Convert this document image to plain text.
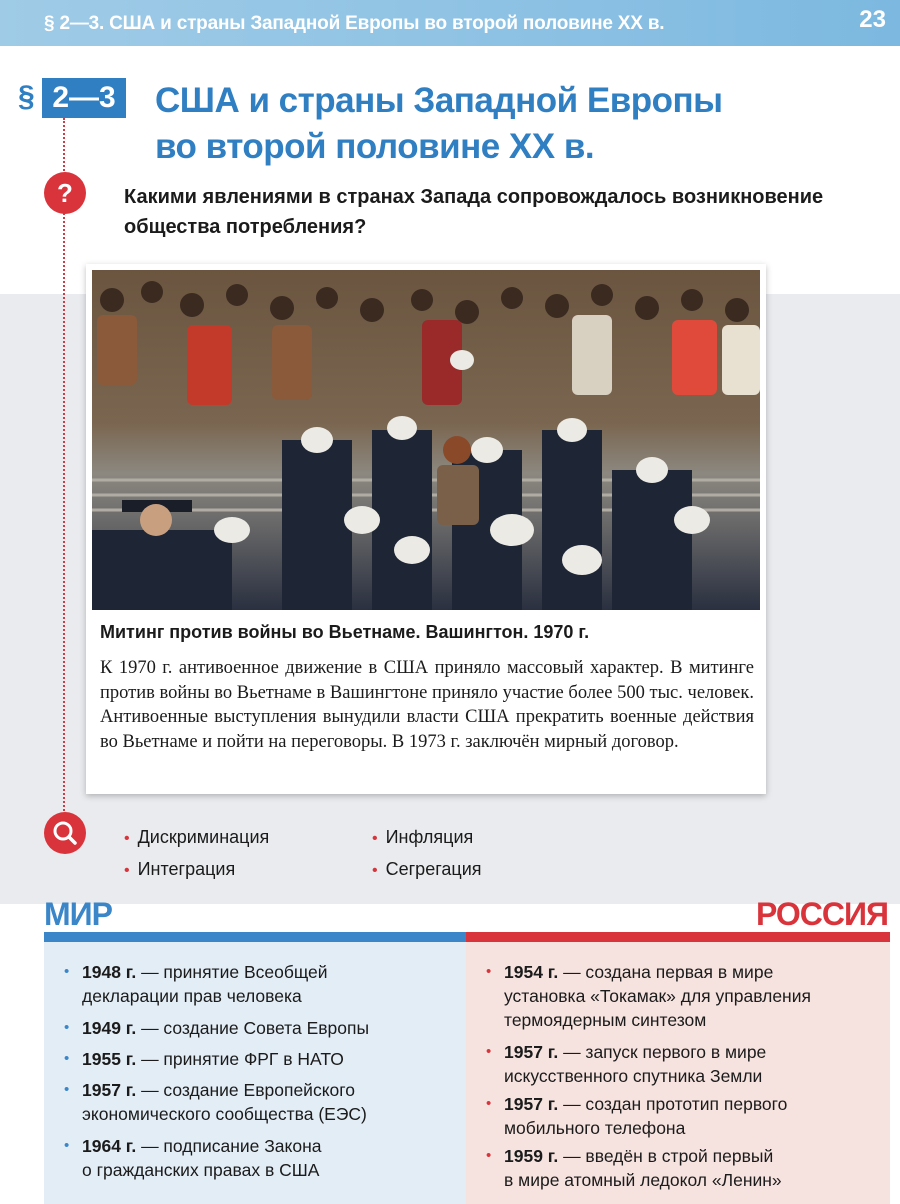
§ 2—3. США и страны Западной Европы во второй половине ХХ в.	23
§ 2—3 США и страны Западной Европы
во второй половине ХХ в.
?	Какими явлениями в странах Запада сопровождалось возникновение общества потребления?
Митинг против войны во Вьетнаме. Вашингтон. 1970 г.
К 1970 г. антивоенное движение в США приняло массовый характер. В митинге против войны во Вьетнаме в Вашингтоне приняло участие более 500 тыс. человек. Антивоенные выступления вынудили власти США прекратить военные действия во Вьетнаме и пойти на переговоры. В 1973 г. заключён мирный договор.
• Дискриминация
• Интеграция
• Инфляция
• Сегрегация
МИР	РОССИЯ
• 1948 г. — принятие Всеобщей
декларации прав человека
• 1949 г. — создание Совета Европы
• 1955 г. — принятие ФРГ в НАТО
• 1957 г. — создание Европейского
экономического сообщества (ЕЭС)
• 1964 г. — подписание Закона
о гражданских правах в США
• 1954 г. — создана первая в мире
установка «Токамак» для управления
термоядерным синтезом
• 1957 г. — запуск первого в мире
искусственного спутника Земли
• 1957 г. — создан прототип первого
мобильного телефона
• 1959 г. — введён в строй первый
в мире атомный ледокол «Ленин»
